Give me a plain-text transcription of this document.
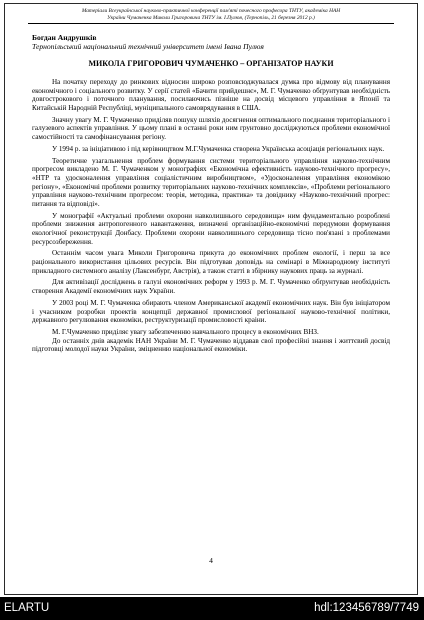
Матеріали Всеукраїнської науково-практичної конференції пам'яті почесного професора ТНТУ, академіка НАН
України Чумаченка Миколи Григоровича ТНТУ ім. І.Пулюя, (Тернопіль, 21 березня 2012 р.)
Богдан Андрушків
Тернопільський національний технічний університет імені Івана Пулюя
МИКОЛА ГРИГОРОВИЧ ЧУМАЧЕНКО – ОРГАНІЗАТОР НАУКИ

На початку переходу до ринкових відносин широко розповсюджувалася думка про відмову від планування економічного і соціального розвитку. У серії статей «Бачити прийдешнє», М. Г. Чумаченко обґрунтував необхідність довгострокового і поточного планування, посилаючись пізніше на досвід місцевого управління в Японії та Китайській Народній Республіці, муніципального самоврядування в США.

Значну увагу М. Г. Чумаченко приділяв пошуку шляхів досягнення оптимального поєднання територіального і галузевого аспектів управління. У цьому плані в останні роки ним грунтовно досліджуються проблеми економічної самостійності та самофінансування регіону.

У 1994 р. за ініціативою і під керівництвом М.Г.Чумаченка створена Українська асоціація регіональних наук.

Теоретичне узагальнення проблем формування системи територіального управління науково-технічним прогресом викладено М. Г. Чумаченком у монографіях «Економічна ефективність науково-технічного прогресу», «НТР та удосконалення управління соціалістичним виробництвом», «Удосконалення управління економікою регіону», «Економічні проблеми розвитку територіальних науково-технічних комплексів», «Проблеми регіонального управління науково-технічним прогресом: теорія, методика, практика» та довіднику «Науково-технічний прогрес: питання та відповіді».

У монографії «Актуальні проблеми охорони навколишнього середовища» ним фундаментально розроблені проблеми зниження антропогенного навантаження, визначені організаційно-економічні передумови формування екологічної реконструкції Донбасу. Проблеми охорони навколишнього середовища тісно пов'язані з проблемами ресурсозбереження.

Останнім часом увага Миколи Григоровича прикута до економічних проблем екології, і перш за все раціонального використання цільових ресурсів. Він підготував доповідь на семінарі в Міжнародному інституті прикладного системного аналізу (Лаксенбург, Австрія), а також статті в збірнику наукових праць за журналі.

Для активізації досліджень в галузі економічних реформ у 1993 р. М. Г. Чумаченко обґрунтував необхідність створення Академії економічних наук України.

У 2003 році М. Г. Чумаченка обирають членом Американської академії економічних наук. Він був ініціатором і учасником розробки проектів концепції державної промислової регіональної науково-технічної політики, державного регулювання економіки, реструктуризації промисловості краіни.

М. Г.Чумаченко приділяє увагу забезпеченню навчального процесу в економічних ВНЗ.

До останніх днів академік НАН України М. Г. Чумаченко віддавав свої професійні знання і життєвий досвід підготовці молодої науки України, зміцненню національної економіки.

4
ELARTU	hdl:123456789/7749
